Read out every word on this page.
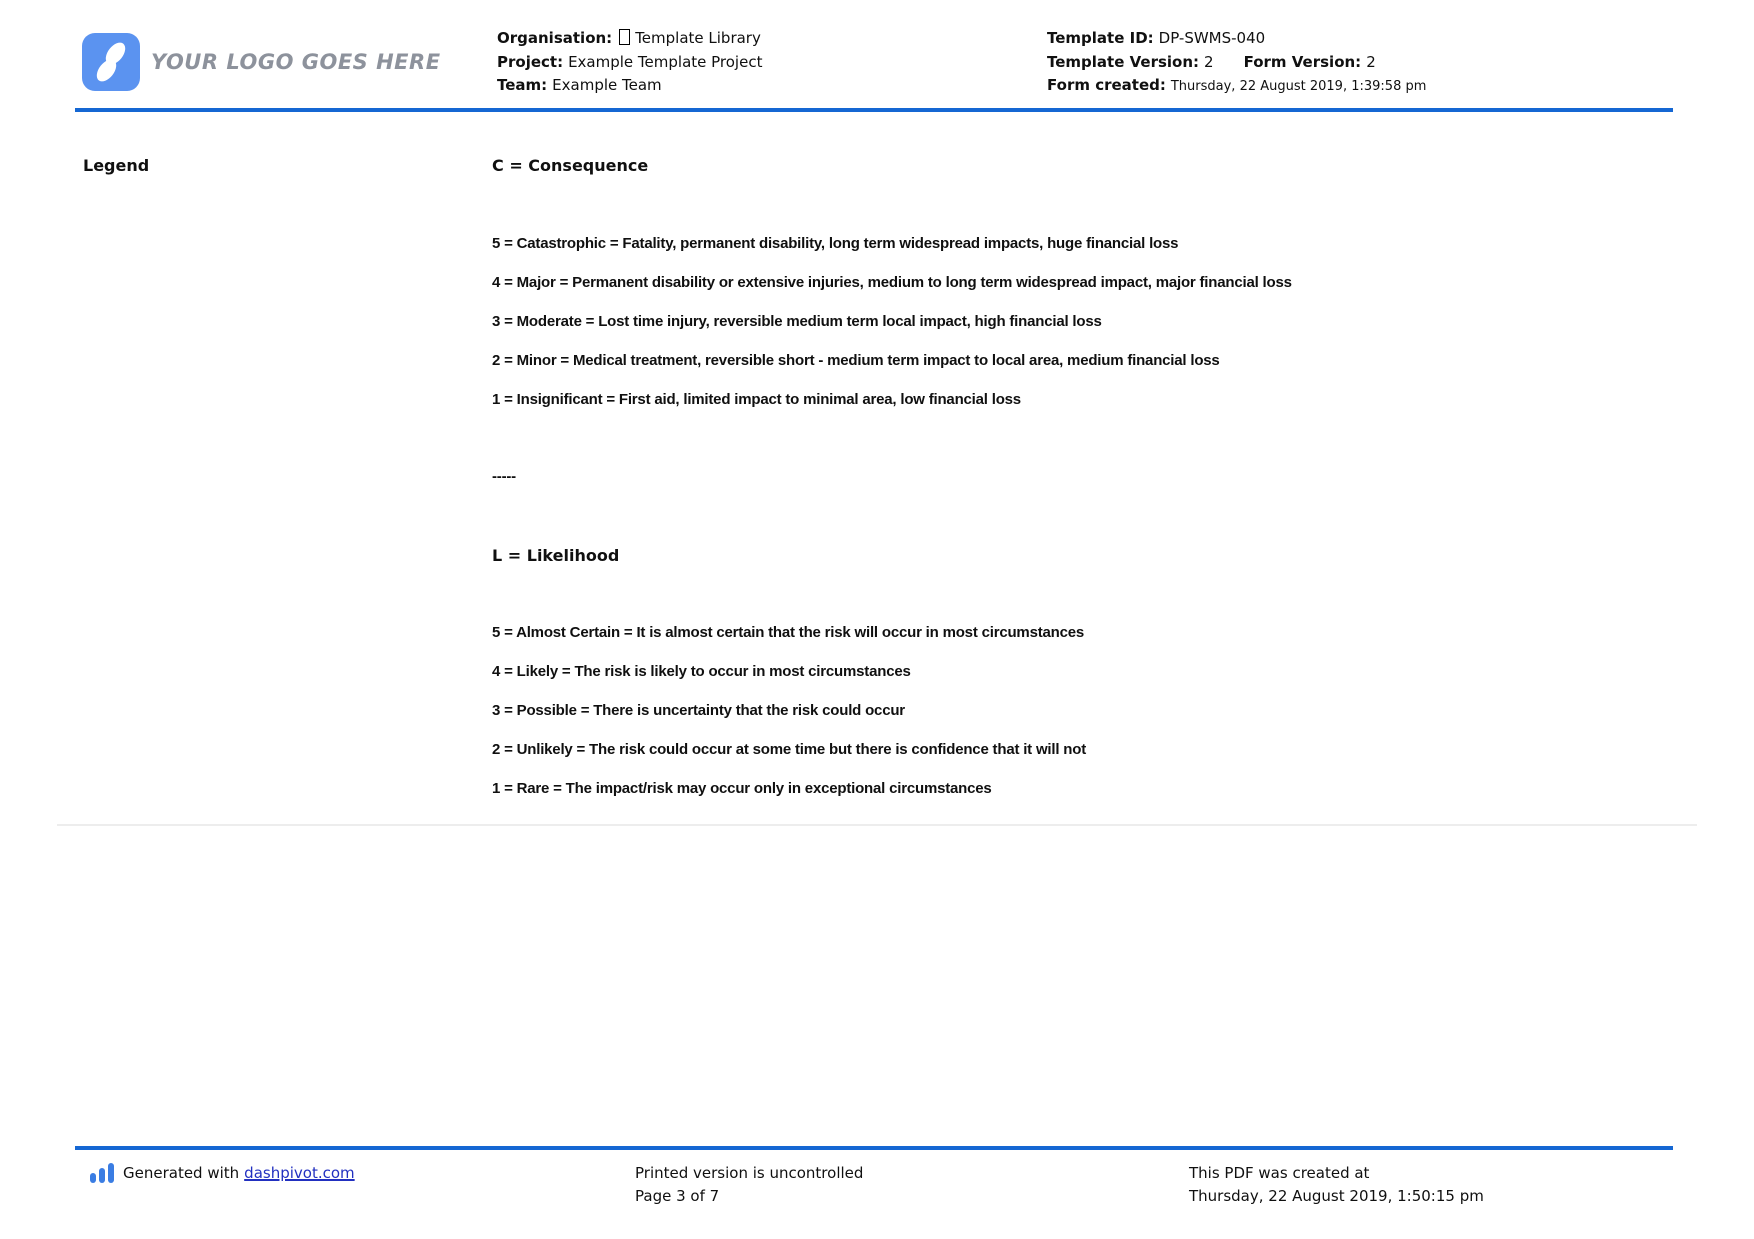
YOUR LOGO GOES HERE
Organisation: Template Library
Project: Example Template Project
Team: Example Team
Template ID: DP-SWMS-040
Template Version: 2 Form Version: 2
Form created: Thursday, 22 August 2019, 1:39:58 pm
Legend	C = Consequence

5 = Catastrophic = Fatality, permanent disability, long term widespread impacts, huge financial loss

4 = Major = Permanent disability or extensive injuries, medium to long term widespread impact, major financial loss

3 = Moderate = Lost time injury, reversible medium term local impact, high financial loss

2 = Minor = Medical treatment, reversible short - medium term impact to local area, medium financial loss

1 = Insignificant = First aid, limited impact to minimal area, low financial loss

-----

L = Likelihood

5 = Almost Certain = It is almost certain that the risk will occur in most circumstances

4 = Likely = The risk is likely to occur in most circumstances

3 = Possible = There is uncertainty that the risk could occur

2 = Unlikely = The risk could occur at some time but there is confidence that it will not

1 = Rare = The impact/risk may occur only in exceptional circumstances

Generated with dashpivot.com	Printed version is uncontrolled
Page 3 of 7
This PDF was created at
Thursday, 22 August 2019, 1:50:15 pm
